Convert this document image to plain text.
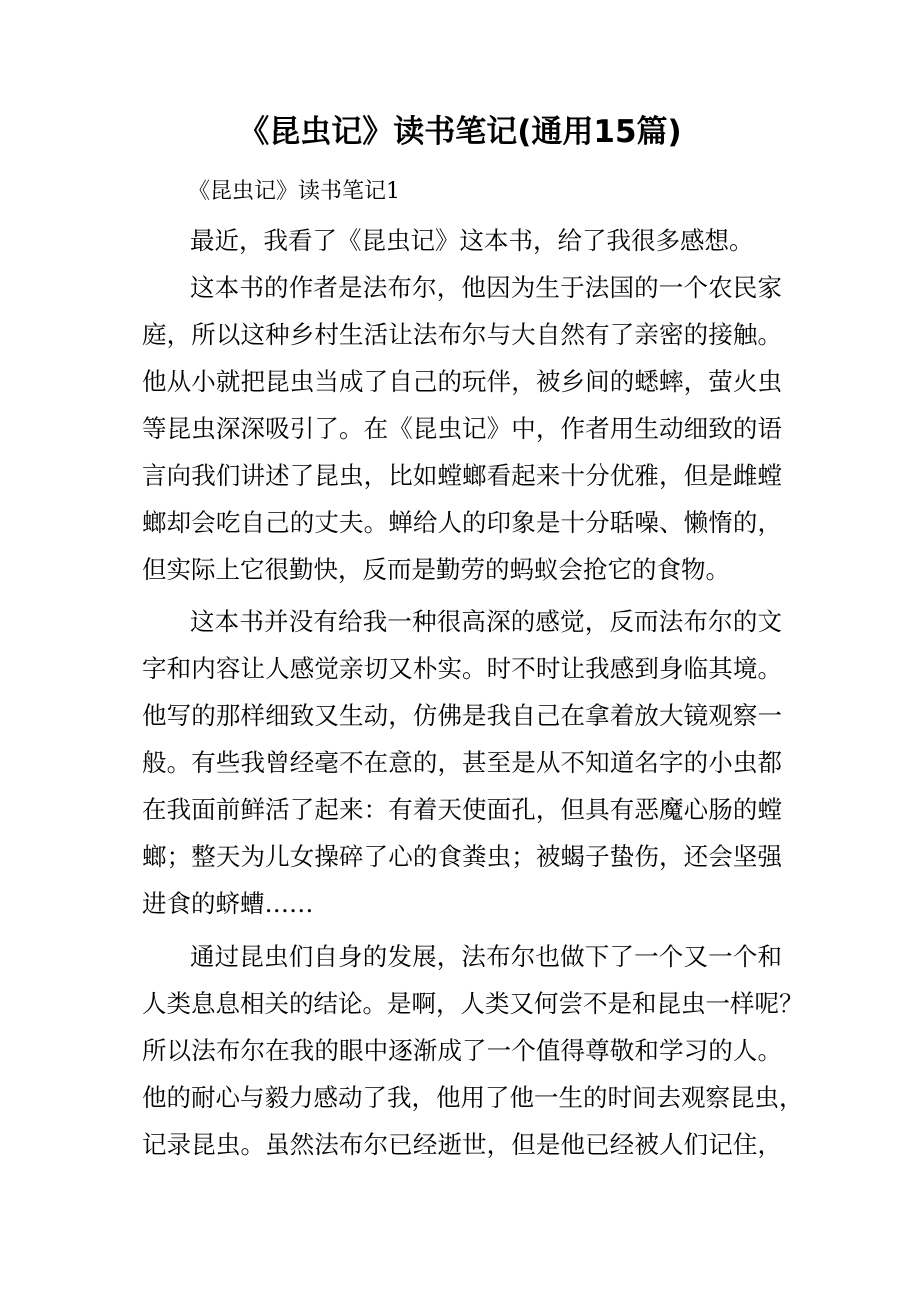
《昆虫记》读书笔记(通用15篇)
《昆虫记》读书笔记1
最近，我看了《昆虫记》这本书，给了我很多感想。
这本书的作者是法布尔，他因为生于法国的一个农民家
庭，所以这种乡村生活让法布尔与大自然有了亲密的接触。
他从小就把昆虫当成了自己的玩伴，被乡间的蟋蟀，萤火虫
等昆虫深深吸引了。在《昆虫记》中，作者用生动细致的语
言向我们讲述了昆虫，比如螳螂看起来十分优雅，但是雌螳
螂却会吃自己的丈夫。蝉给人的印象是十分聒噪、懒惰的，
但实际上它很勤快，反而是勤劳的蚂蚁会抢它的食物。
这本书并没有给我一种很高深的感觉，反而法布尔的文
字和内容让人感觉亲切又朴实。时不时让我感到身临其境。
他写的那样细致又生动，仿佛是我自己在拿着放大镜观察一
般。有些我曾经毫不在意的，甚至是从不知道名字的小虫都
在我面前鲜活了起来：有着天使面孔，但具有恶魔心肠的螳
螂；整天为儿女操碎了心的食粪虫；被蝎子蛰伤，还会坚强
进食的蛴螬……
通过昆虫们自身的发展，法布尔也做下了一个又一个和
人类息息相关的结论。是啊，人类又何尝不是和昆虫一样呢？
所以法布尔在我的眼中逐渐成了一个值得尊敬和学习的人。
他的耐心与毅力感动了我，他用了他一生的时间去观察昆虫，
记录昆虫。虽然法布尔已经逝世，但是他已经被人们记住，
